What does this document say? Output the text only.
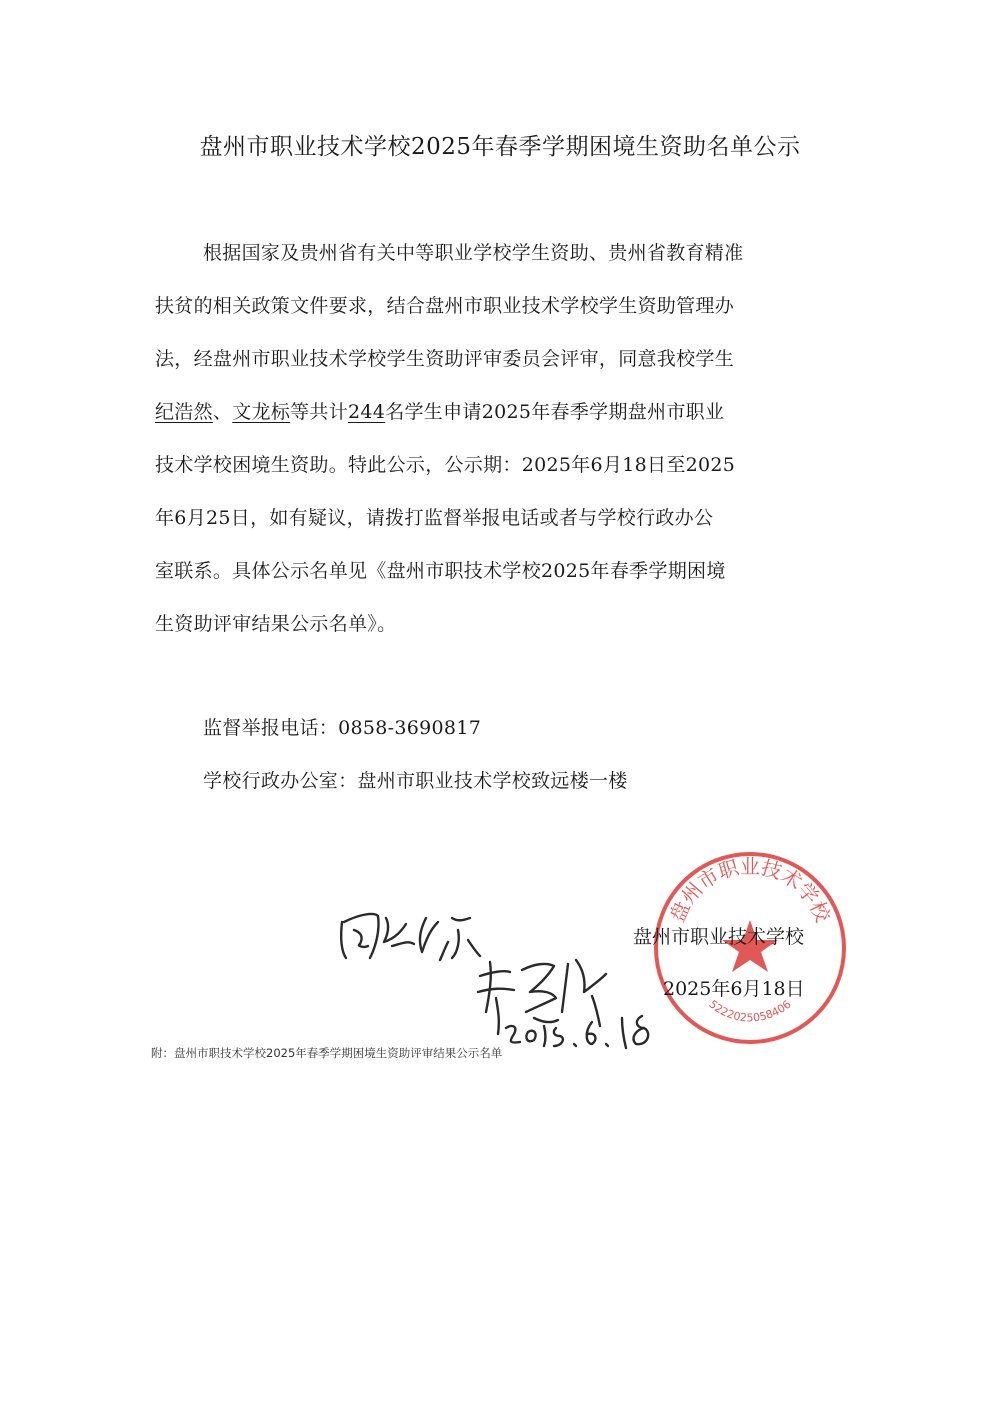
盘州市职业技术学校2025年春季学期困境生资助名单公示
根据国家及贵州省有关中等职业学校学生资助、贵州省教育精准
扶贫的相关政策文件要求，结合盘州市职业技术学校学生资助管理办
法，经盘州市职业技术学校学生资助评审委员会评审，同意我校学生
纪浩然、文龙标等共计244名学生申请2025年春季学期盘州市职业
技术学校困境生资助。特此公示，公示期：2025年6月18日至2025
年6月25日，如有疑议，请拨打监督举报电话或者与学校行政办公
室联系。具体公示名单见《盘州市职技术学校2025年春季学期困境
生资助评审结果公示名单》。
监督举报电话：0858-3690817
学校行政办公室：盘州市职业技术学校致远楼一楼
盘州市职业技术学校
5222025058406
盘州市职业技术学校
2025年6月18日
附：盘州市职技术学校2025年春季学期困境生资助评审结果公示名单
